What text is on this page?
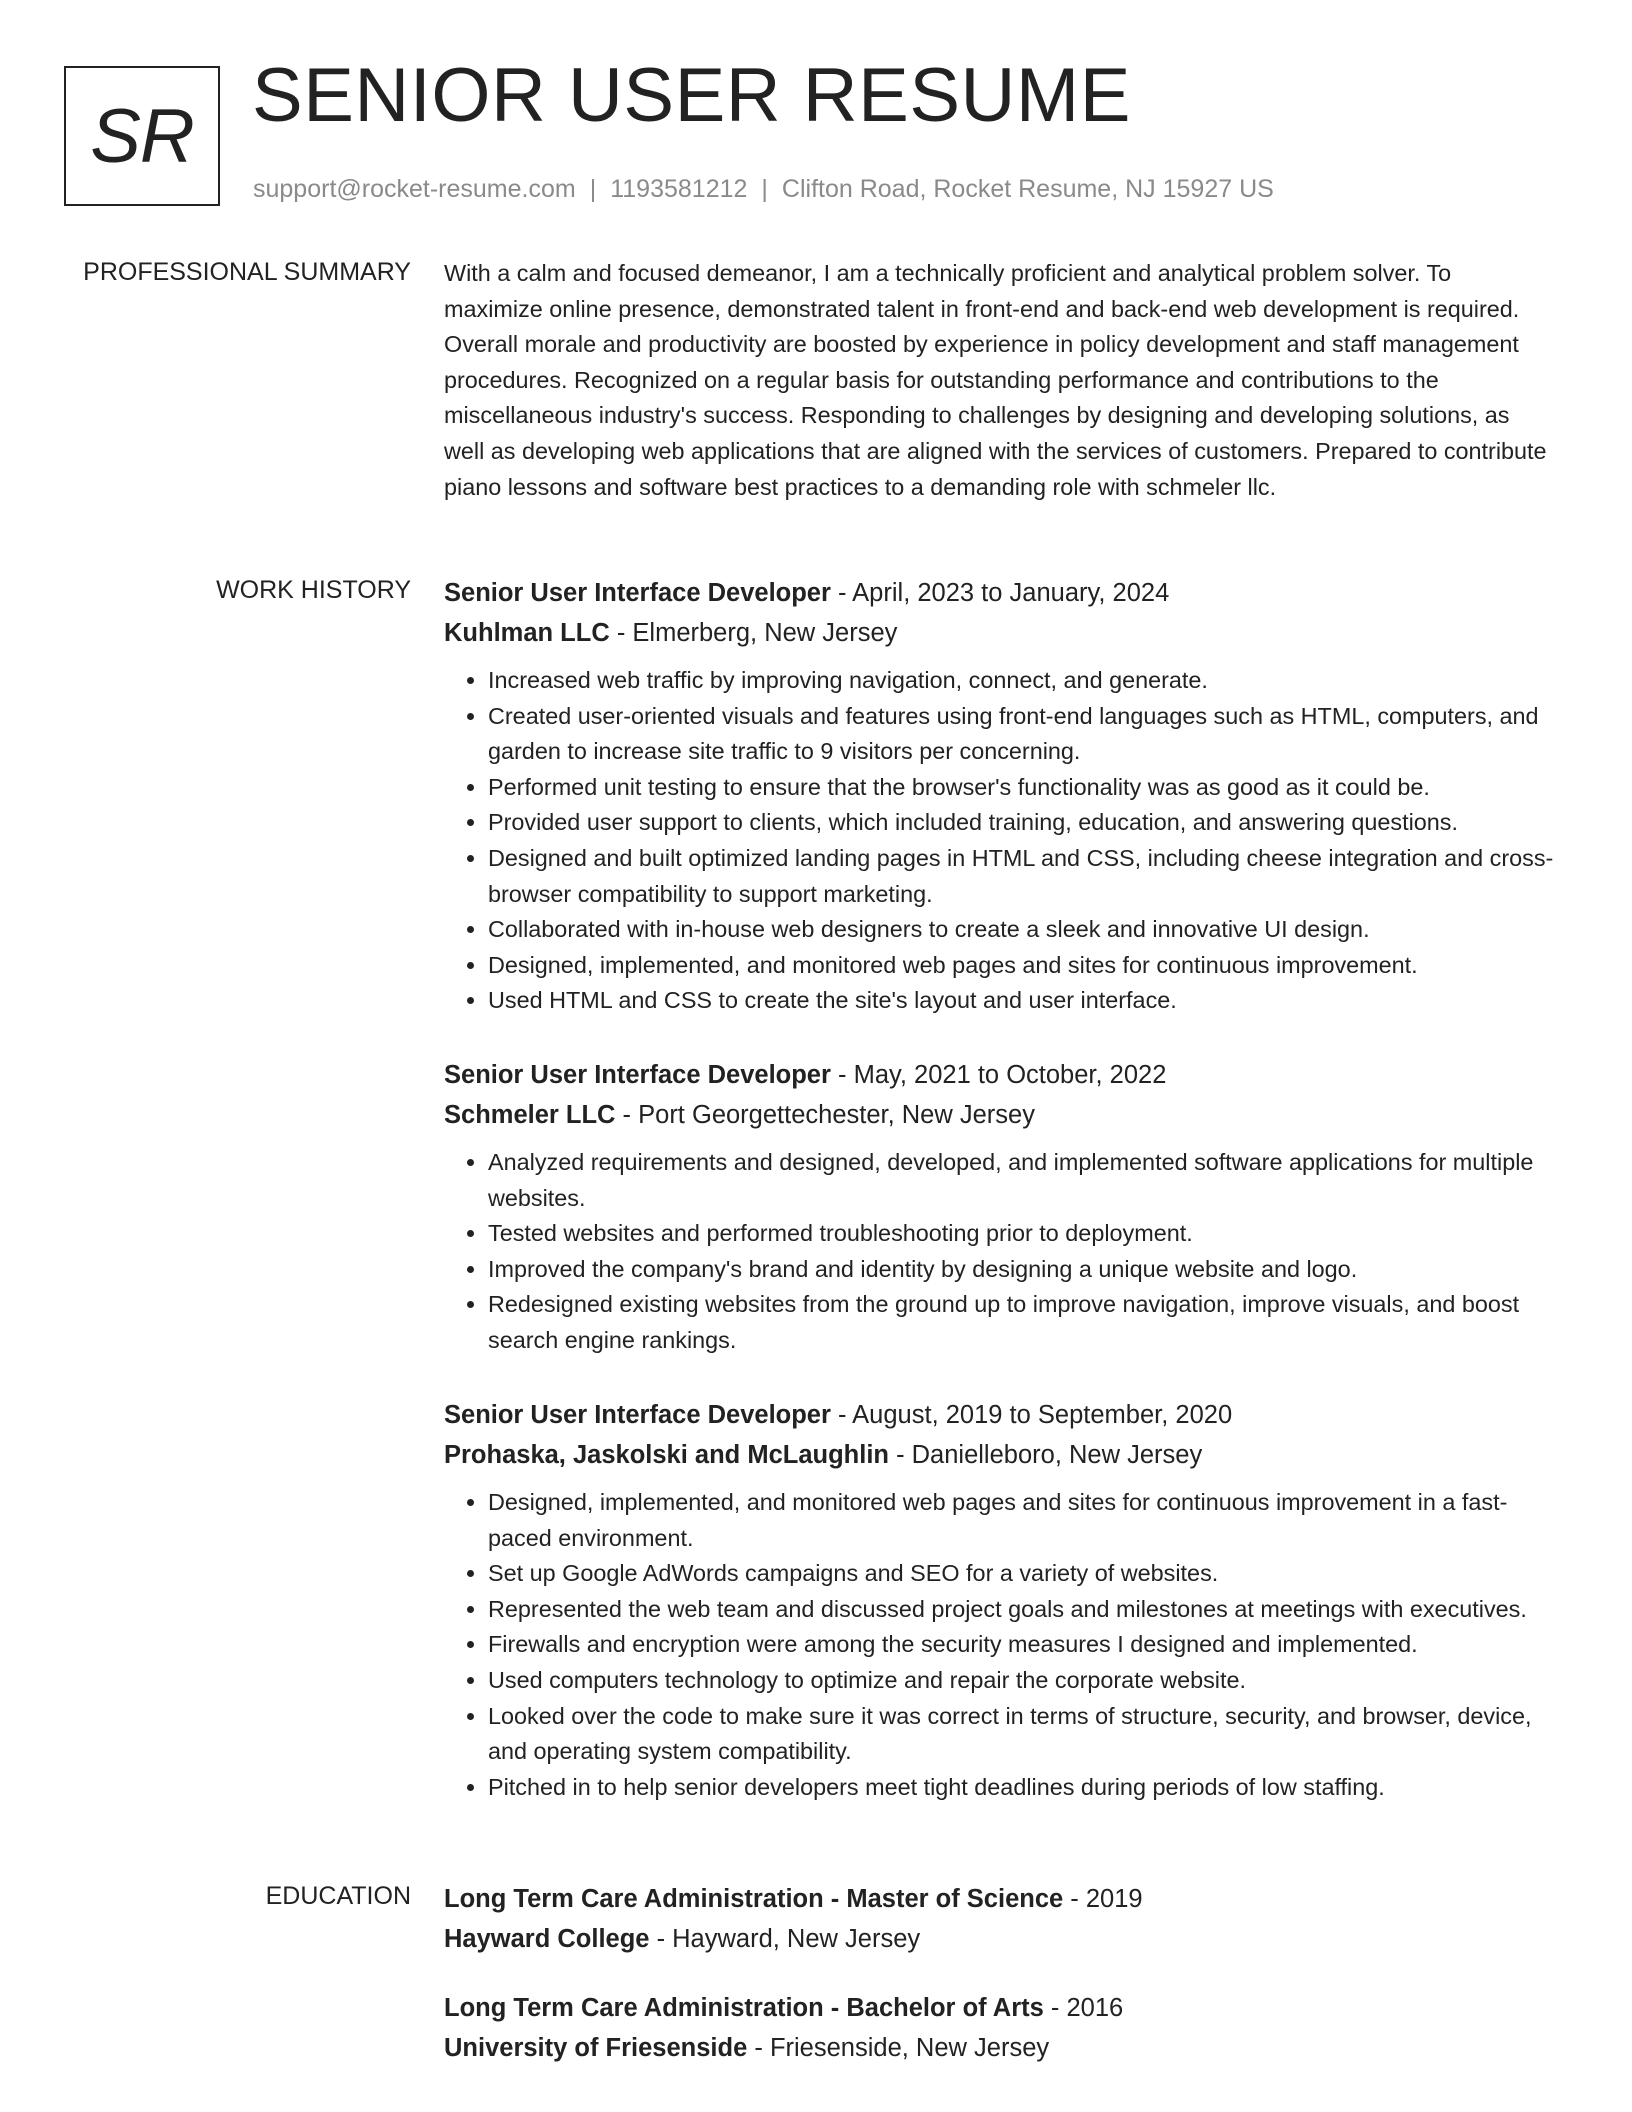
SR SENIOR USER RESUME
support@rocket-resume.com | 1193581212 | Clifton Road, Rocket Resume, NJ 15927 US
PROFESSIONAL SUMMARY With a calm and focused demeanor, I am a technically proficient and analytical problem solver. To maximize online presence, demonstrated talent in front-end and back-end web development is required. Overall morale and productivity are boosted by experience in policy development and staff management procedures. Recognized on a regular basis for outstanding performance and contributions to the miscellaneous industry's success. Responding to challenges by designing and developing solutions, as well as developing web applications that are aligned with the services of customers. Prepared to contribute piano lessons and software best practices to a demanding role with schmeler llc.

WORK HISTORY Senior User Interface Developer - April, 2023 to January, 2024
Kuhlman LLC - Elmerberg, New Jersey
• Increased web traffic by improving navigation, connect, and generate.
• Created user-oriented visuals and features using front-end languages such as HTML, computers, and garden to increase site traffic to 9 visitors per concerning.
• Performed unit testing to ensure that the browser's functionality was as good as it could be.
• Provided user support to clients, which included training, education, and answering questions.
• Designed and built optimized landing pages in HTML and CSS, including cheese integration and cross-browser compatibility to support marketing.
• Collaborated with in-house web designers to create a sleek and innovative UI design.
• Designed, implemented, and monitored web pages and sites for continuous improvement.
• Used HTML and CSS to create the site's layout and user interface.
Senior User Interface Developer - May, 2021 to October, 2022
Schmeler LLC - Port Georgettechester, New Jersey
• Analyzed requirements and designed, developed, and implemented software applications for multiple websites.
• Tested websites and performed troubleshooting prior to deployment.
• Improved the company's brand and identity by designing a unique website and logo.
• Redesigned existing websites from the ground up to improve navigation, improve visuals, and boost search engine rankings.
Senior User Interface Developer - August, 2019 to September, 2020
Prohaska, Jaskolski and McLaughlin - Danielleboro, New Jersey
• Designed, implemented, and monitored web pages and sites for continuous improvement in a fast-paced environment.
• Set up Google AdWords campaigns and SEO for a variety of websites.
• Represented the web team and discussed project goals and milestones at meetings with executives.
• Firewalls and encryption were among the security measures I designed and implemented.
• Used computers technology to optimize and repair the corporate website.
• Looked over the code to make sure it was correct in terms of structure, security, and browser, device, and operating system compatibility.
• Pitched in to help senior developers meet tight deadlines during periods of low staffing.
EDUCATION Long Term Care Administration - Master of Science - 2019
Hayward College - Hayward, New Jersey
Long Term Care Administration - Bachelor of Arts - 2016
University of Friesenside - Friesenside, New Jersey
